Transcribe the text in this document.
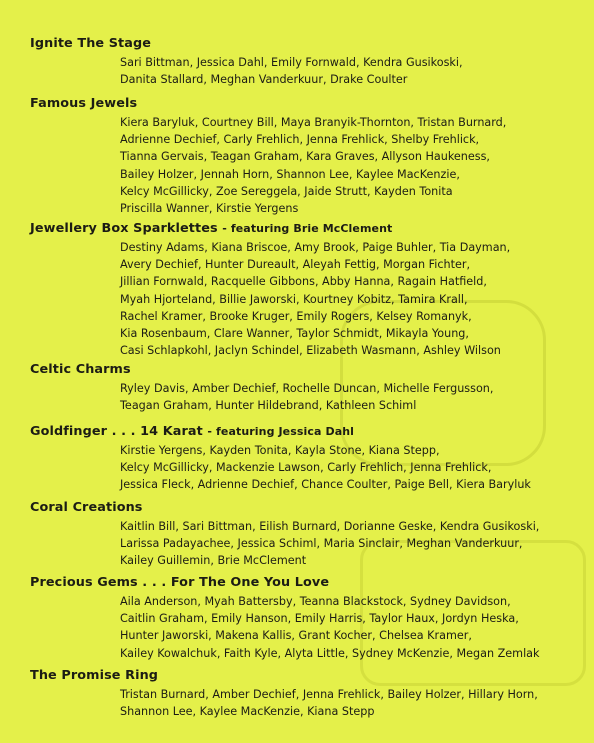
Ignite The Stage
Sari Bittman, Jessica Dahl, Emily Fornwald, Kendra Gusikoski,
Danita Stallard, Meghan Vanderkuur, Drake Coulter
Famous Jewels
Kiera Baryluk, Courtney Bill, Maya Branyik-Thornton, Tristan Burnard,
Adrienne Dechief, Carly Frehlich, Jenna Frehlick, Shelby Frehlick,
Tianna Gervais, Teagan Graham, Kara Graves, Allyson Haukeness,
Bailey Holzer, Jennah Horn, Shannon Lee, Kaylee MacKenzie,
Kelcy McGillicky, Zoe Sereggela, Jaide Strutt, Kayden Tonita
Priscilla Wanner, Kirstie Yergens
Jewellery Box Sparklettes - featuring Brie McClement
Destiny Adams, Kiana Briscoe, Amy Brook, Paige Buhler, Tia Dayman,
Avery Dechief, Hunter Dureault, Aleyah Fettig, Morgan Fichter,
Jillian Fornwald, Racquelle Gibbons, Abby Hanna, Ragain Hatfield,
Myah Hjorteland, Billie Jaworski, Kourtney Kobitz, Tamira Krall,
Rachel Kramer, Brooke Kruger, Emily Rogers, Kelsey Romanyk,
Kia Rosenbaum, Clare Wanner, Taylor Schmidt, Mikayla Young,
Casi Schlapkohl, Jaclyn Schindel, Elizabeth Wasmann, Ashley Wilson
Celtic Charms
Ryley Davis, Amber Dechief, Rochelle Duncan, Michelle Fergusson,
Teagan Graham, Hunter Hildebrand, Kathleen Schiml
Goldfinger . . . 14 Karat - featuring Jessica Dahl
Kirstie Yergens, Kayden Tonita, Kayla Stone, Kiana Stepp,
Kelcy McGillicky, Mackenzie Lawson, Carly Frehlich, Jenna Frehlick,
Jessica Fleck, Adrienne Dechief, Chance Coulter, Paige Bell, Kiera Baryluk
Coral Creations
Kaitlin Bill, Sari Bittman, Eilish Burnard, Dorianne Geske, Kendra Gusikoski,
Larissa Padayachee, Jessica Schiml, Maria Sinclair, Meghan Vanderkuur,
Kailey Guillemin, Brie McClement
Precious Gems . . . For The One You Love
Aila Anderson, Myah Battersby, Teanna Blackstock, Sydney Davidson,
Caitlin Graham, Emily Hanson, Emily Harris, Taylor Haux, Jordyn Heska,
Hunter Jaworski, Makena Kallis, Grant Kocher, Chelsea Kramer,
Kailey Kowalchuk, Faith Kyle, Alyta Little, Sydney McKenzie, Megan Zemlak
The Promise Ring
Tristan Burnard, Amber Dechief, Jenna Frehlick, Bailey Holzer, Hillary Horn,
Shannon Lee, Kaylee MacKenzie, Kiana Stepp
